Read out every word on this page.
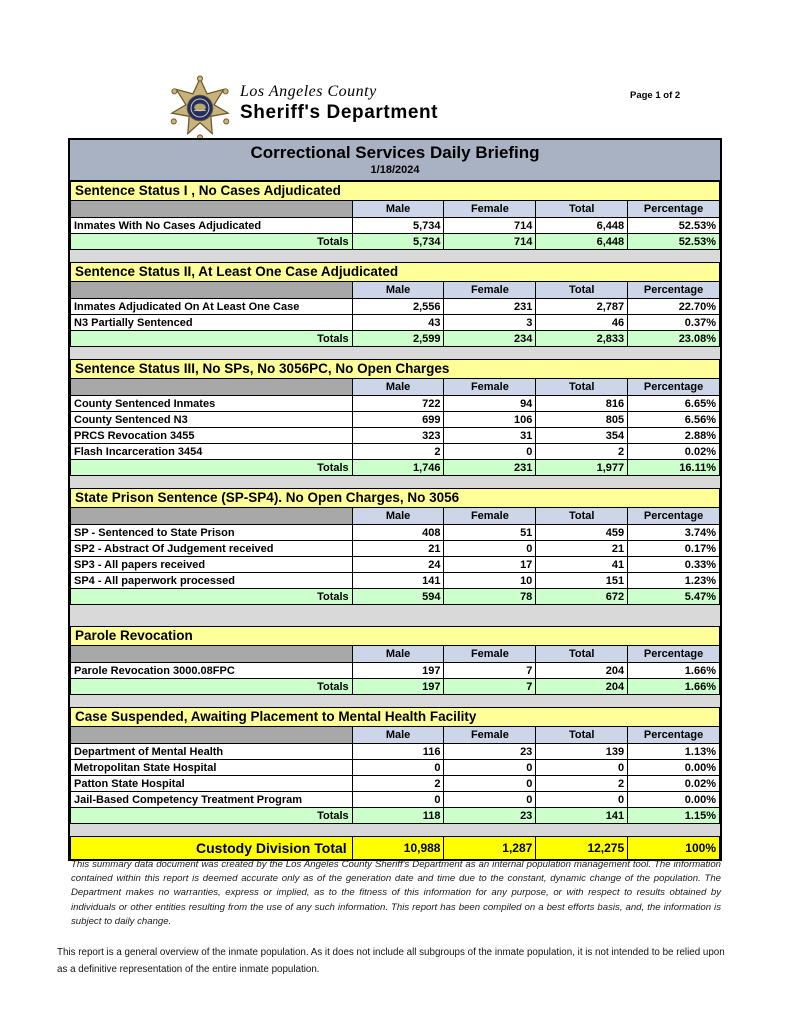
Los Angeles County
Sheriff's Department
Page 1 of 2
Correctional Services Daily Briefing
1/18/2024
Sentence Status I , No Cases Adjudicated
	Male	Female	Total	Percentage
Inmates With No Cases Adjudicated	5,734	714	6,448	52.53%
Totals	5,734	714	6,448	52.53%
Sentence Status II, At Least One Case Adjudicated
	Male	Female	Total	Percentage
Inmates Adjudicated On At Least One Case	2,556	231	2,787	22.70%
N3 Partially Sentenced	43	3	46	0.37%
Totals	2,599	234	2,833	23.08%
Sentence Status III, No SPs, No 3056PC, No Open Charges
	Male	Female	Total	Percentage
County Sentenced Inmates	722	94	816	6.65%
County Sentenced N3	699	106	805	6.56%
PRCS Revocation 3455	323	31	354	2.88%
Flash Incarceration 3454	2	0	2	0.02%
Totals	1,746	231	1,977	16.11%
State Prison Sentence (SP-SP4). No Open Charges, No 3056
	Male	Female	Total	Percentage
SP - Sentenced to State Prison	408	51	459	3.74%
SP2 - Abstract Of Judgement received	21	0	21	0.17%
SP3 - All papers received	24	17	41	0.33%
SP4 - All paperwork processed	141	10	151	1.23%
Totals	594	78	672	5.47%
Parole Revocation
	Male	Female	Total	Percentage
Parole Revocation 3000.08FPC	197	7	204	1.66%
Totals	197	7	204	1.66%
Case Suspended, Awaiting Placement to Mental Health Facility
	Male	Female	Total	Percentage
Department of Mental Health	116	23	139	1.13%
Metropolitan State Hospital	0	0	0	0.00%
Patton State Hospital	2	0	2	0.02%
Jail-Based Competency Treatment Program	0	0	0	0.00%
Totals	118	23	141	1.15%
Custody Division Total	10,988	1,287	12,275	100%

This summary data document was created by the Los Angeles County Sheriff's Department as an internal population management tool. The information contained within this report is deemed accurate only as of the generation date and time due to the constant, dynamic change of the population. The Department makes no warranties, express or implied, as to the fitness of this information for any purpose, or with respect to results obtained by individuals or other entities resulting from the use of any such information. This report has been compiled on a best efforts basis, and, the information is subject to daily change.

This report is a general overview of the inmate population. As it does not include all subgroups of the inmate population, it is not intended to be relied upon as a definitive representation of the entire inmate population.
